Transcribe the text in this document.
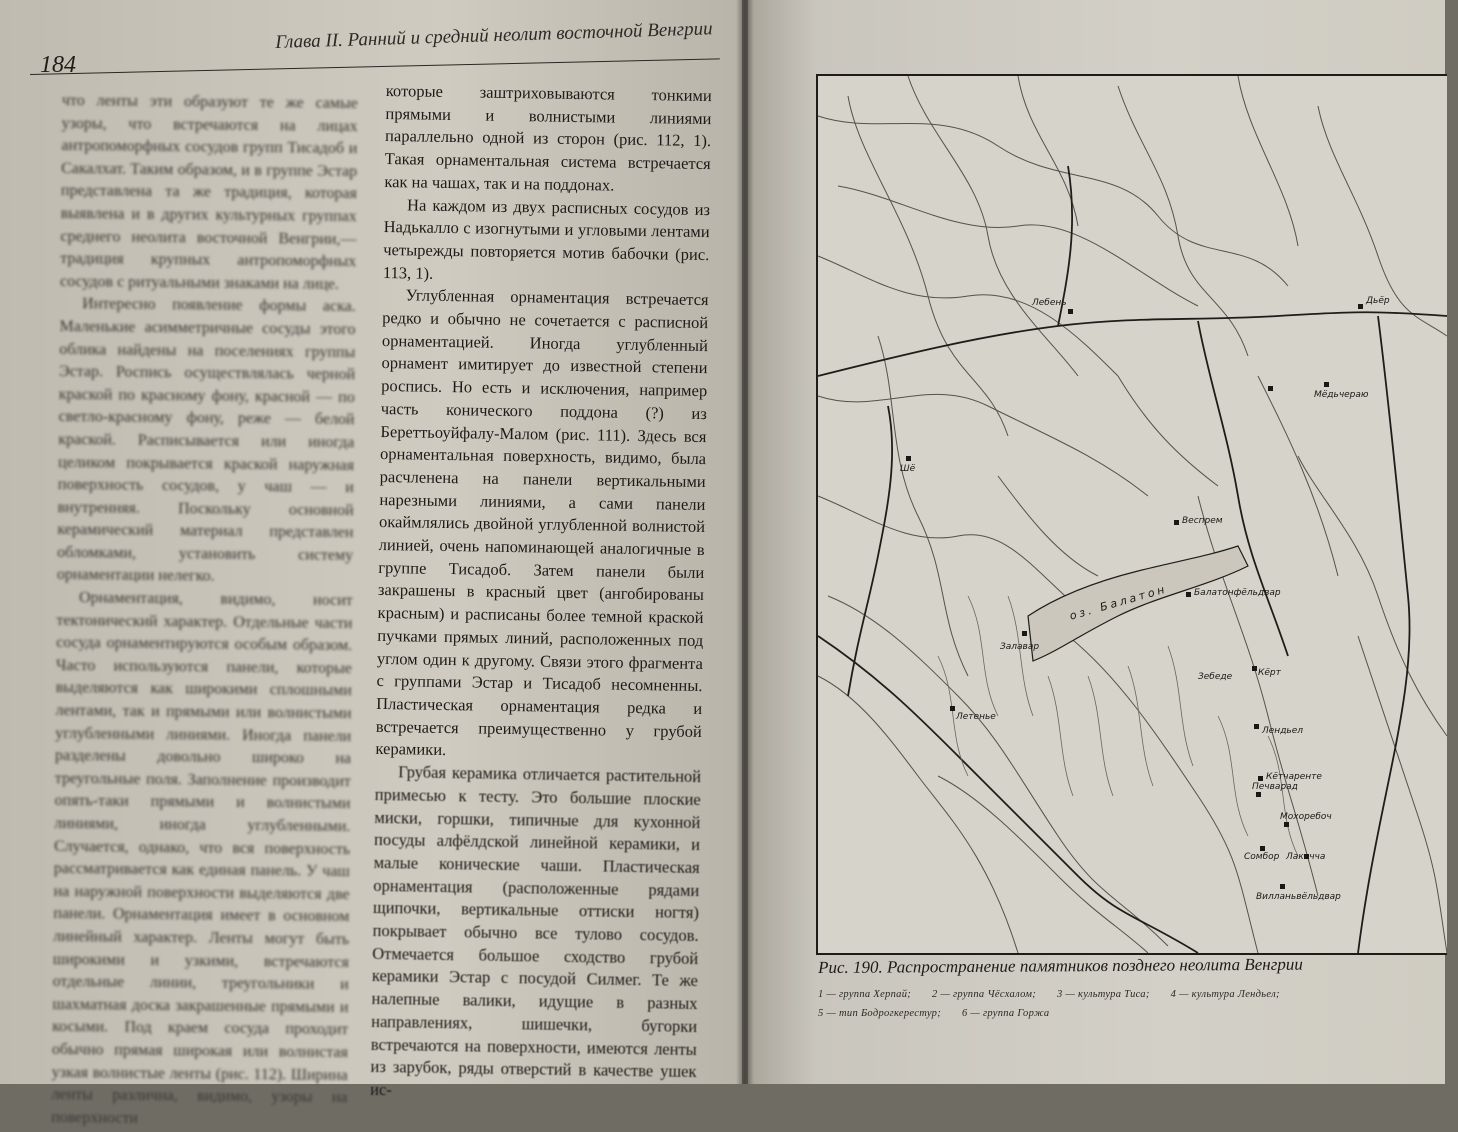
184
Глава II. Ранний и средний неолит восточной Венгрии

что ленты эти образуют те же самые узоры, что встречаются на лицах антропоморфных сосудов групп Тисадоб и Сакалхат. Таким образом, и в группе Эстар представлена та же традиция, которая выявлена и в других культурных группах среднего неолита восточной Венгрии,—традиция крупных антропоморфных сосудов с ритуальными знаками на лице.

Интересно появление формы аска. Маленькие асимметричные сосуды этого облика найдены на поселениях группы Эстар. Роспись осуществлялась черной краской по красному фону, красной — по светло-красному фону, реже — белой краской. Расписывается или иногда целиком покрывается краской наружная поверхность сосудов, у чаш — и внутренняя. Поскольку основной керамический материал представлен обломками, установить систему орнаментации нелегко.

Орнаментация, видимо, носит тектонический характер. Отдельные части сосуда орнаментируются особым образом. Часто используются панели, которые выделяются как широкими сплошными лентами, так и прямыми или волнистыми углубленными линиями. Иногда панели разделены довольно широко на треугольные поля. Заполнение производит опять-таки прямыми и волнистыми линиями, иногда углубленными. Случается, однако, что вся поверхность рассматривается как единая панель. У чаш на наружной поверхности выделяются две панели. Орнаментация имеет в основном линейный характер. Ленты могут быть широкими и узкими, встречаются отдельные линии, треугольники и шахматная доска закрашенные прямыми и косыми. Под краем сосуда проходит обычно прямая широкая или волнистая узкая волнистые ленты (рис. 112). Ширина ленты различна, видимо, узоры на поверхности

которые заштриховываются тонкими прямыми и волнистыми линиями параллельно одной из сторон (рис. 112, 1). Такая орнаментальная система встречается как на чашах, так и на поддонах.

На каждом из двух расписных сосудов из Надькалло с изогнутыми и угловыми лентами четырежды повторяется мотив бабочки (рис. 113, 1).

Углубленная орнаментация встречается редко и обычно не сочетается с расписной орнаментацией. Иногда углубленный орнамент имитирует до известной степени роспись. Но есть и исключения, например часть конического поддона (?) из Береттьоуйфалу-Малом (рис. 111). Здесь вся орнаментальная поверхность, видимо, была расчленена на панели вертикальными нарезными линиями, а сами панели окаймлялись двойной углубленной волнистой линией, очень напоминающей аналогичные в группе Тисадоб. Затем панели были закрашены в красный цвет (ангобированы красным) и расписаны более темной краской пучками прямых линий, расположенных под углом один к другому. Связи этого фрагмента с группами Эстар и Тисадоб несомненны. Пластическая орнаментация редка и встречается преимущественно у грубой керамики.

Грубая керамика отличается растительной примесью к тесту. Это большие плоские миски, горшки, типичные для кухонной посуды алфёлдской линейной керамики, и малые конические чаши. Пластическая орнаментация (расположенные рядами щипочки, вертикальные оттиски ногтя) покрывает обычно все тулово сосудов. Отмечается большое сходство грубой керамики Эстар с посудой Силмег. Те же налепные валики, идущие в разных направлениях, шишечки, бугорки встречаются на поверхности, имеются ленты из зарубок, ряды отверстий в качестве ушек ис-

Лебень
Шё
Веспрем
Балатонфёльдвар
Залавар
Летенье
Мёдьчераю
Кёрт
Зебеде
Лендьел
Кётчаренте
Печварад
Мохоребоч
Сомбор Лакочча
Вилланьвёльдвар
Дьёр
оз. Балатон
Рис. 190. Распространение памятников позднего неолита Венгрии
1 — группа Херпай; 2 — группа Чёсхалом; 3 — культура Тиса; 4 — культура Лендьел;
5 — тип Бодрогкерестур; 6 — группа Горжа
